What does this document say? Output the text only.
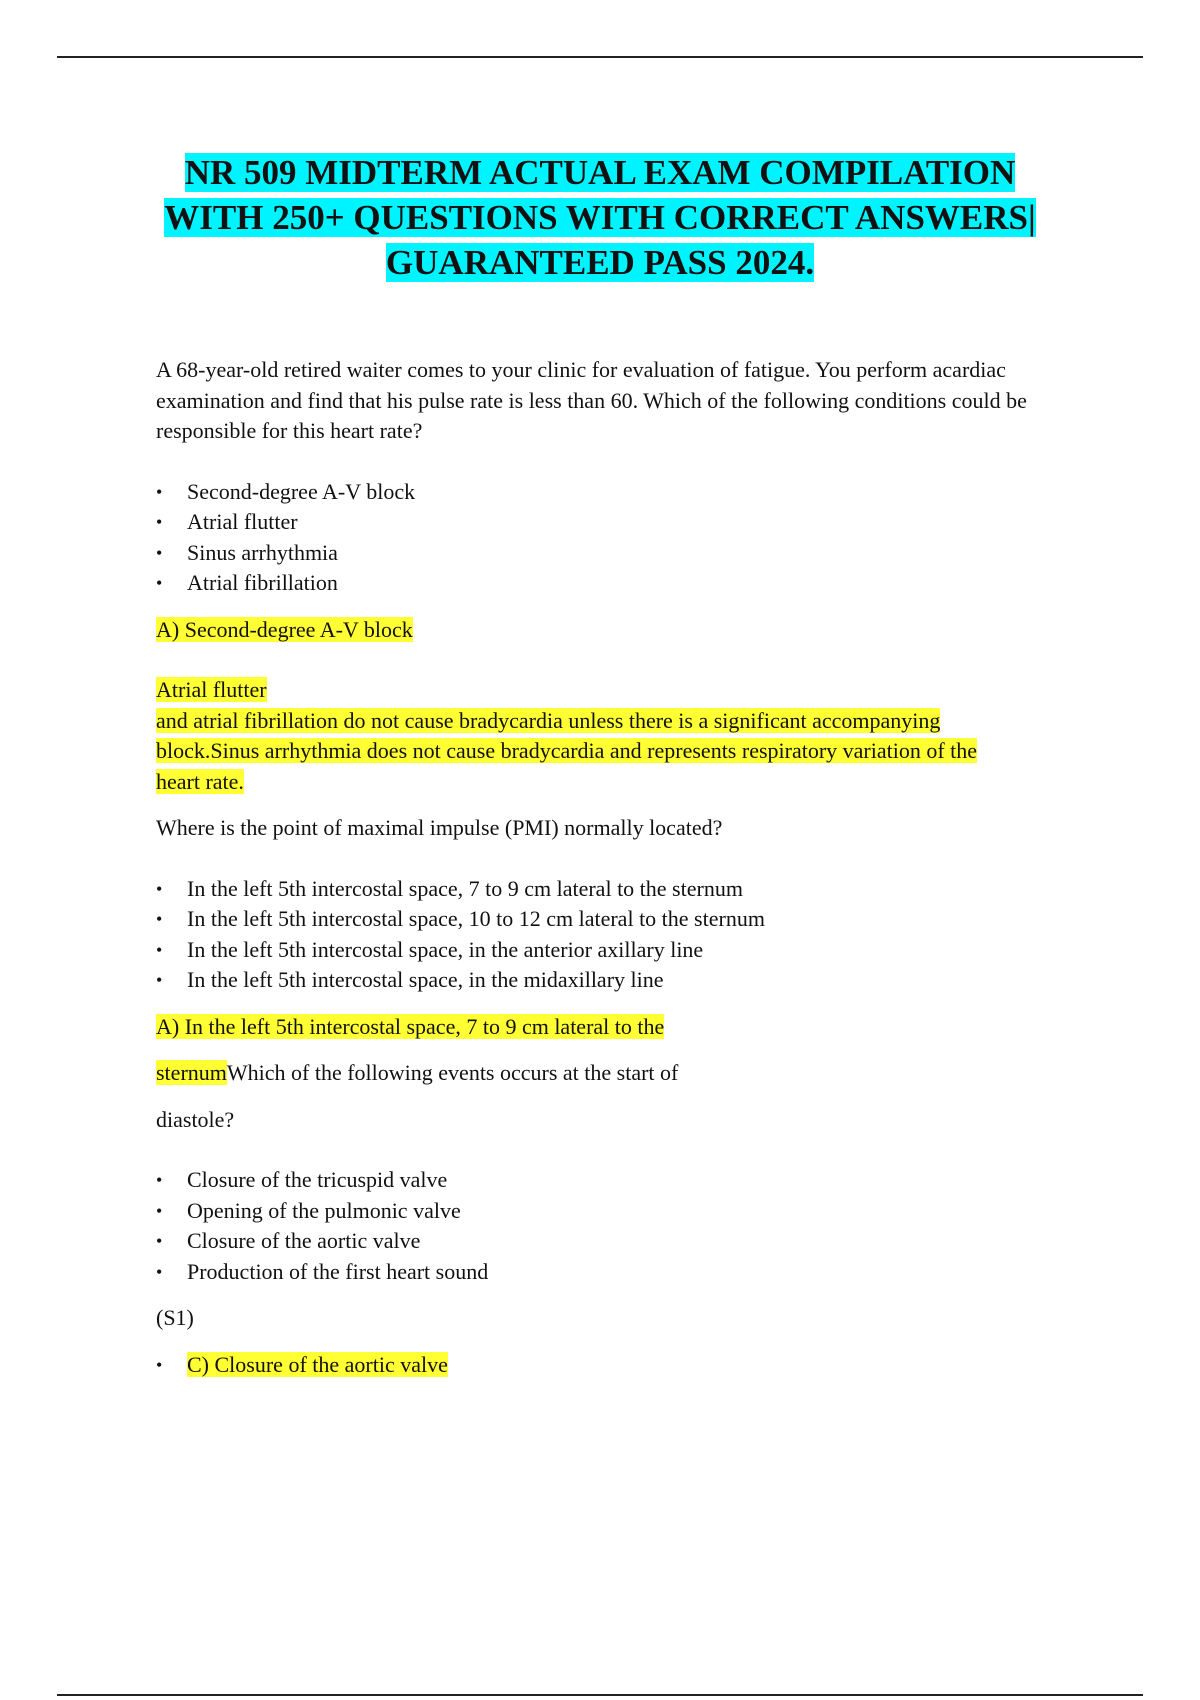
NR 509 MIDTERM ACTUAL EXAM COMPILATION
WITH 250+ QUESTIONS WITH CORRECT ANSWERS|
GUARANTEED PASS 2024.

A 68-year-old retired waiter comes to your clinic for evaluation of fatigue. You perform acardiac examination and find that his pulse rate is less than 60. Which of the following conditions could be responsible for this heart rate?

• Second-degree A-V block
• Atrial flutter
• Sinus arrhythmia
• Atrial fibrillation

A) Second-degree A-V block

Atrial flutter
and atrial fibrillation do not cause bradycardia unless there is a significant accompanying
block.Sinus arrhythmia does not cause bradycardia and represents respiratory variation of the
heart rate.

Where is the point of maximal impulse (PMI) normally located?

• In the left 5th intercostal space, 7 to 9 cm lateral to the sternum
• In the left 5th intercostal space, 10 to 12 cm lateral to the sternum
• In the left 5th intercostal space, in the anterior axillary line
• In the left 5th intercostal space, in the midaxillary line

A) In the left 5th intercostal space, 7 to 9 cm lateral to the

sternumWhich of the following events occurs at the start of

diastole?

• Closure of the tricuspid valve
• Opening of the pulmonic valve
• Closure of the aortic valve
• Production of the first heart sound

(S1)

• C) Closure of the aortic valve
